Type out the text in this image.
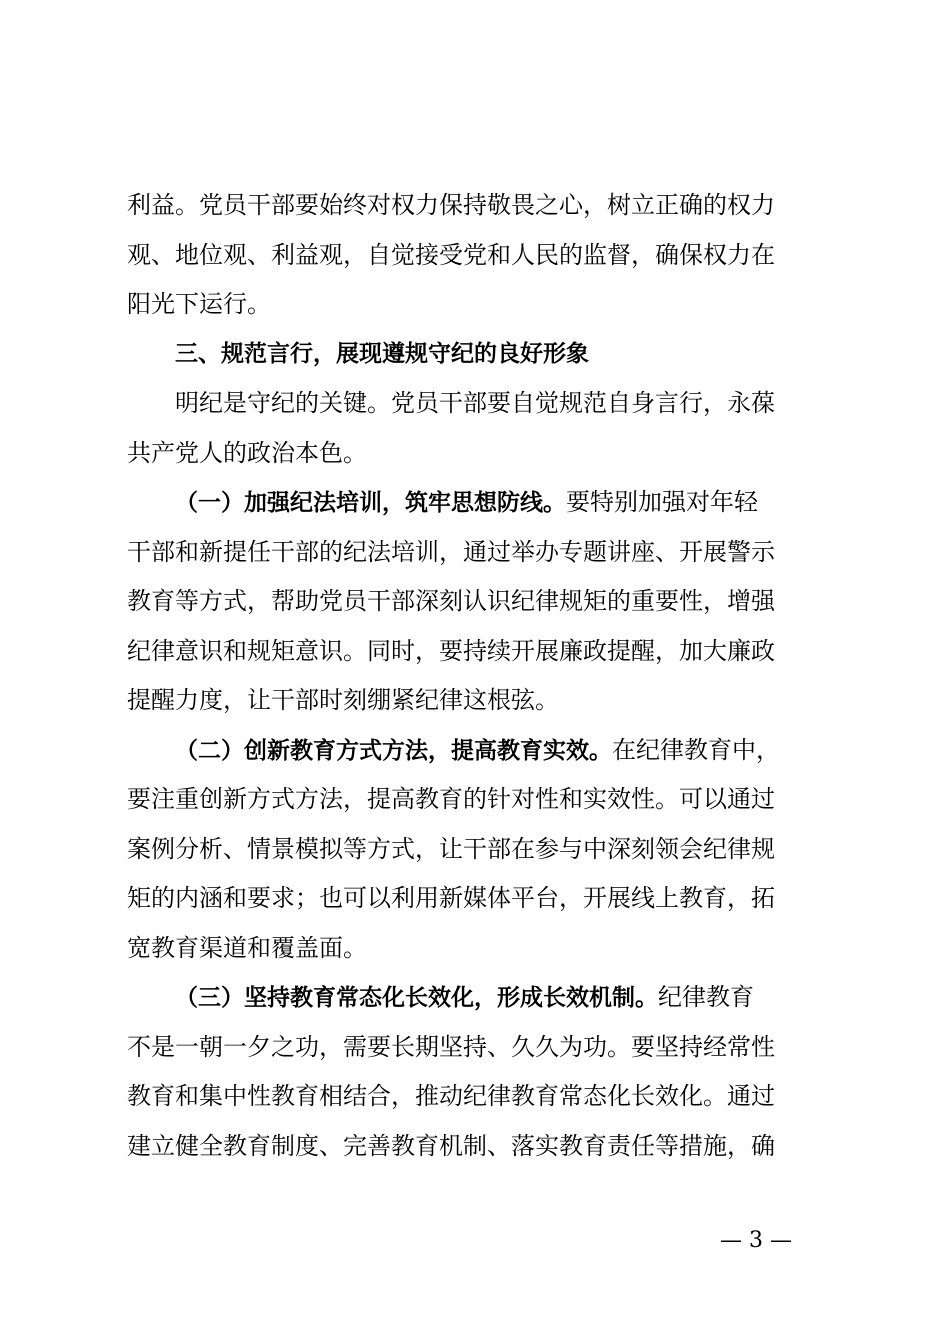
利益。党员干部要始终对权力保持敬畏之心，树立正确的权力
观、地位观、利益观，自觉接受党和人民的监督，确保权力在
阳光下运行。
三、规范言行，展现遵规守纪的良好形象
明纪是守纪的关键。党员干部要自觉规范自身言行，永葆
共产党人的政治本色。
（一）加强纪法培训，筑牢思想防线。要特别加强对年轻
干部和新提任干部的纪法培训，通过举办专题讲座、开展警示
教育等方式，帮助党员干部深刻认识纪律规矩的重要性，增强
纪律意识和规矩意识。同时，要持续开展廉政提醒，加大廉政
提醒力度，让干部时刻绷紧纪律这根弦。
（二）创新教育方式方法，提高教育实效。在纪律教育中，
要注重创新方式方法，提高教育的针对性和实效性。可以通过
案例分析、情景模拟等方式，让干部在参与中深刻领会纪律规
矩的内涵和要求；也可以利用新媒体平台，开展线上教育，拓
宽教育渠道和覆盖面。
（三）坚持教育常态化长效化，形成长效机制。纪律教育
不是一朝一夕之功，需要长期坚持、久久为功。要坚持经常性
教育和集中性教育相结合，推动纪律教育常态化长效化。通过
建立健全教育制度、完善教育机制、落实教育责任等措施，确
— 3 —
